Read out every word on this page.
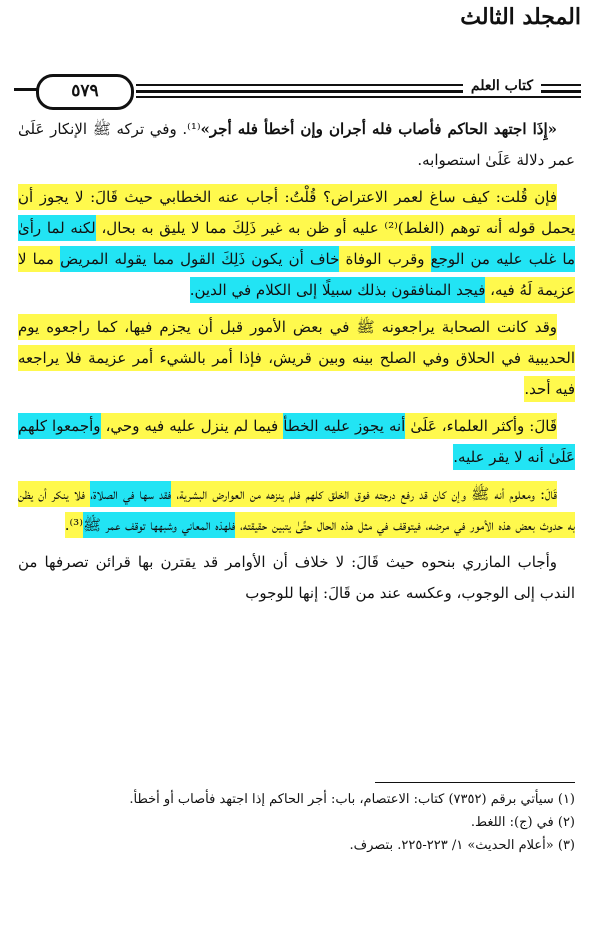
المجلد الثالث
كتاب العلم
٥٧٩

«إِذَا اجتهد الحاكم فأصاب فله أجران وإن أخطأ فله أجر»⁽¹⁾. وفي تركه ﷺ الإنكار عَلَىٰ عمر دلالة عَلَىٰ استصوابه.

فإن قُلت: كيف ساغ لعمر الاعتراض؟ قُلْتُ: أجاب عنه الخطابي حيث قَالَ: لا يجوز أن يحمل قوله أنه توهم (الغلط)⁽²⁾ عليه أو ظن به غير ذَلِكَ مما لا يليق به بحال، لكنه لما رأىٰ ما غلب عليه من الوجع وقرب الوفاة خاف أن يكون ذَلِكَ القول مما يقوله المريض مما لا عزيمة لَهُ فيه، فيجد المنافقون بذلك سبيلًا إلى الكلام في الدين.

وقد كانت الصحابة يراجعونه ﷺ في بعض الأمور قبل أن يجزم فيها، كما راجعوه يوم الحديبية في الحلاق وفي الصلح بينه وبين قريش، فإذا أمر بالشيء أمر عزيمة فلا يراجعه فيه أحد.

قَالَ: وأكثر العلماء، عَلَىٰ أنه يجوز عليه الخطأ فيما لم ينزل عليه فيه وحي، وأجمعوا كلهم عَلَىٰ أنه لا يقر عليه.

قَالَ: ومعلوم أنه ﷺ وإن كان قد رفع درجته فوق الخلق كلهم فلم ينزهه من العوارض البشرية، فقد سها في الصلاة، فلا ينكر أن يظن به حدوث بعض هذه الأمور في مرضه، فيتوقف في مثل هذه الحال حتَّىٰ يتبين حقيقته، فلهذه المعاني وشبهها توقف عمر ﷺ⁽³⁾.

وأجاب المازري بنحوه حيث قَالَ: لا خلاف أن الأوامر قد يقترن بها قرائن تصرفها من الندب إلى الوجوب، وعكسه عند من قَالَ: إنها للوجوب

(١) سيأتي برقم (٧٣٥٢) كتاب: الاعتصام، باب: أجر الحاكم إذا اجتهد فأصاب أو أخطأ.

(٢) في (ج): اللغط.

(٣) «أعلام الحديث» ١/ ٢٢٣-٢٢٥. بتصرف.
